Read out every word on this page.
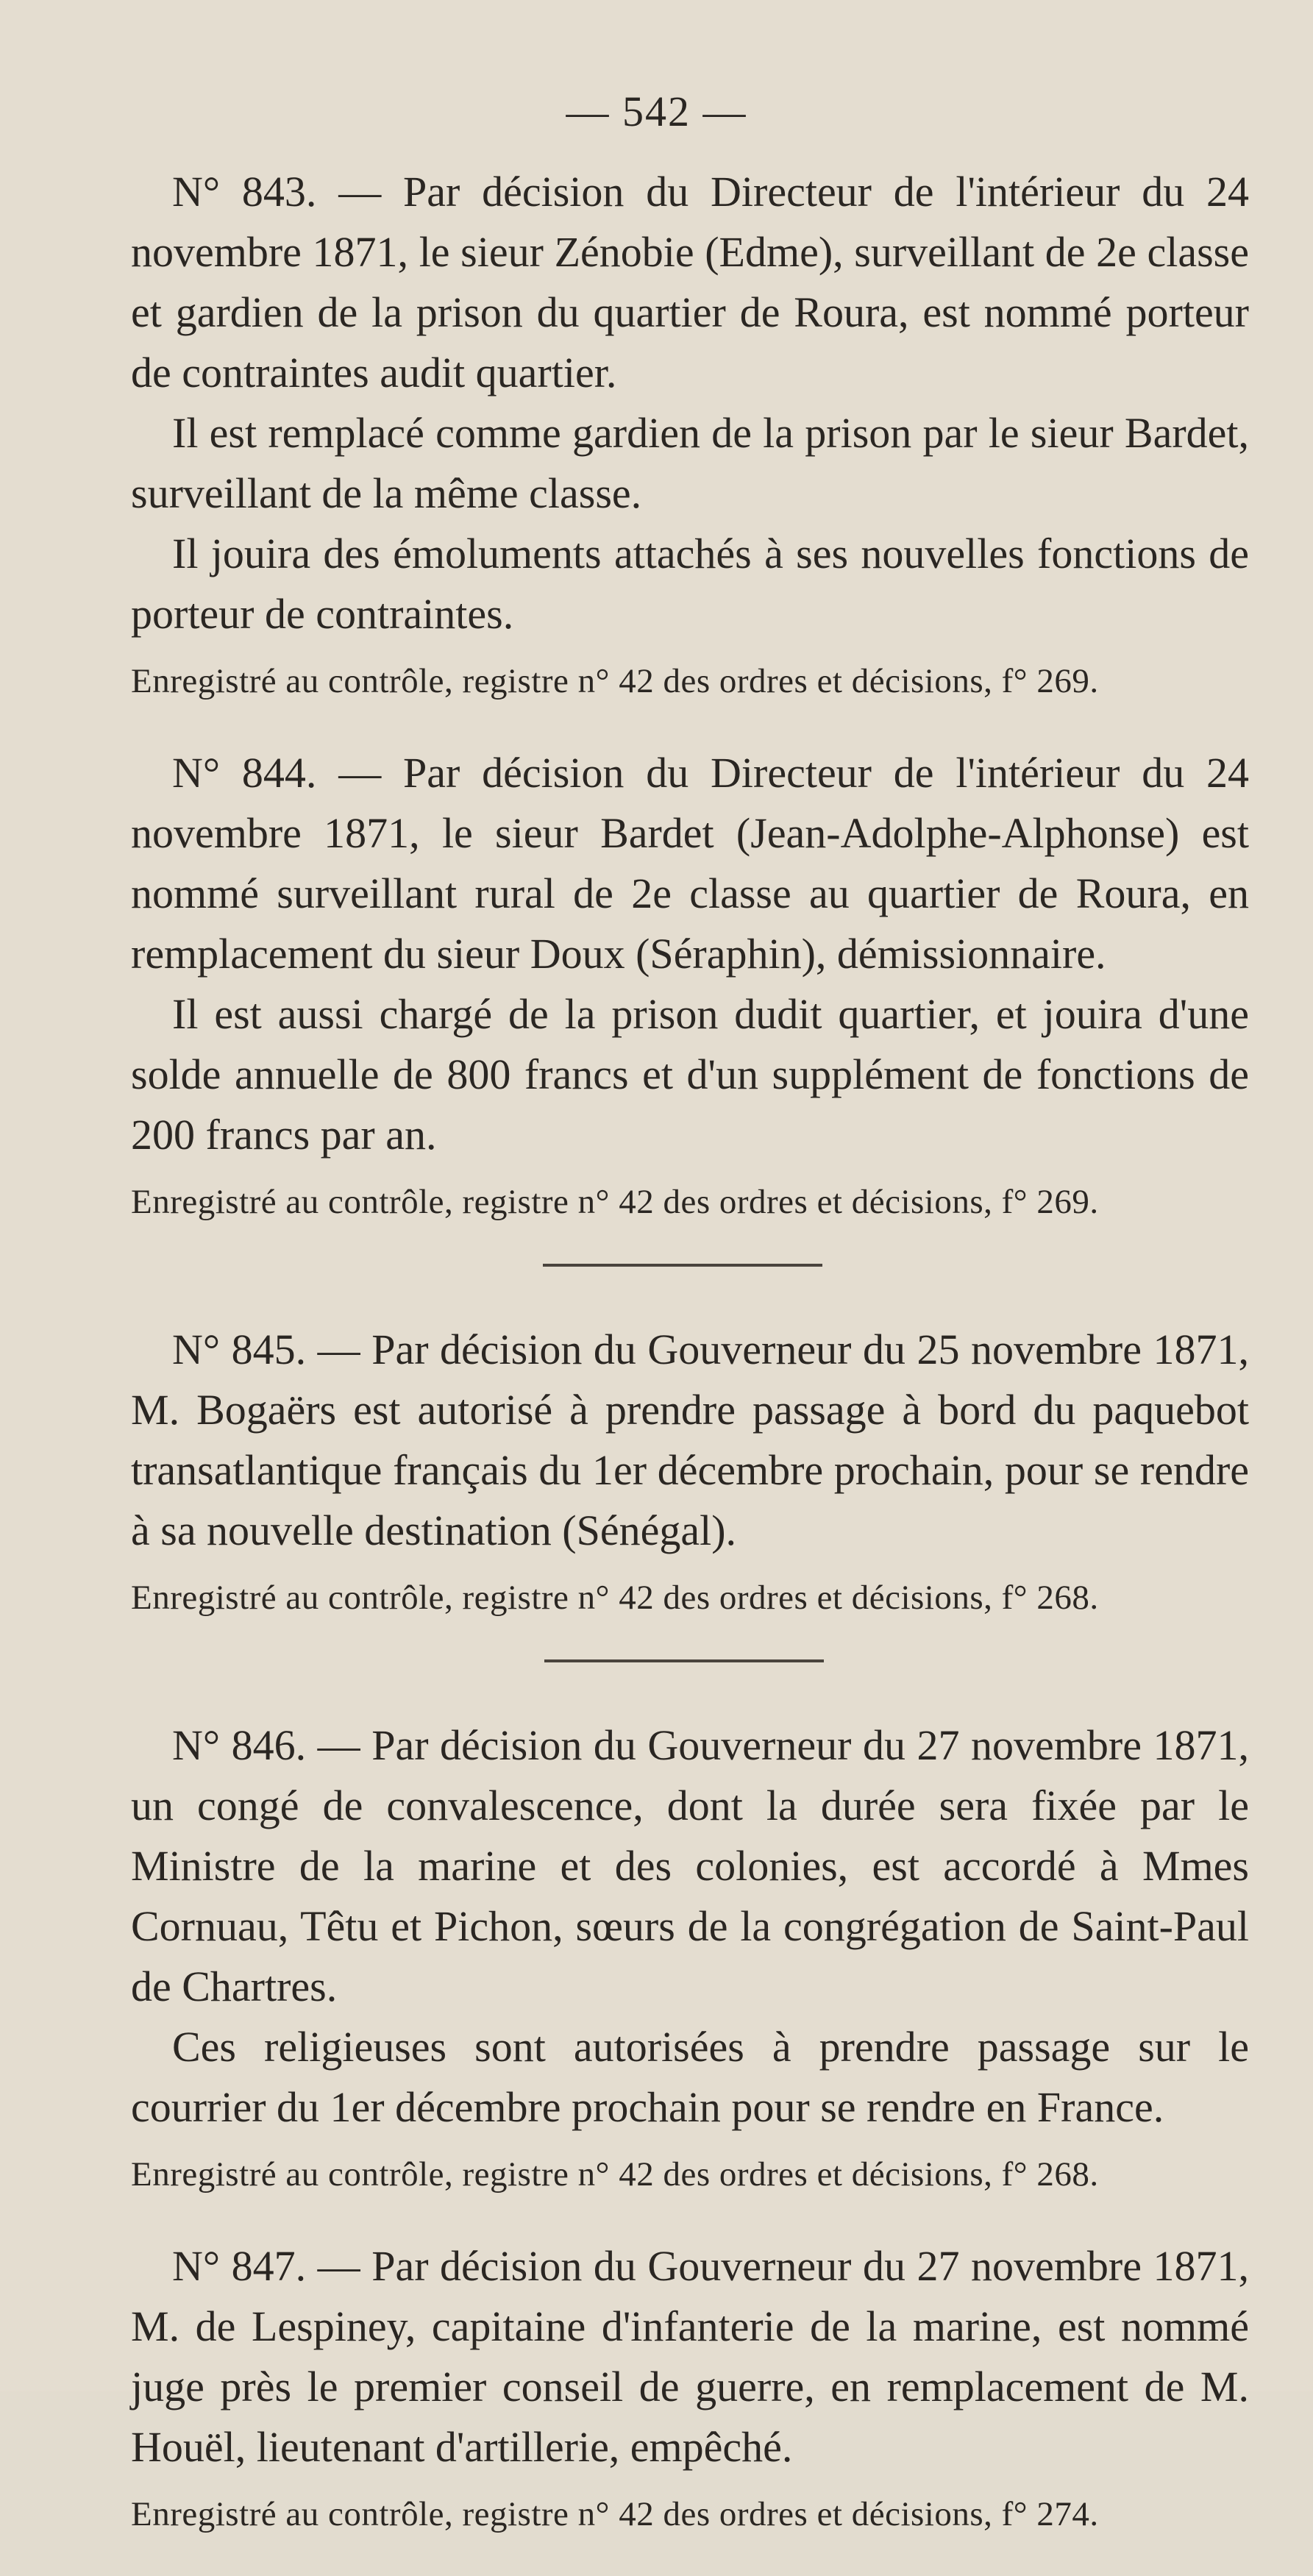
— 542 —

N° 843. — Par décision du Directeur de l'intérieur du 24 novembre 1871, le sieur Zénobie (Edme), surveillant de 2e classe et gardien de la prison du quartier de Roura, est nommé porteur de contraintes audit quartier.

Il est remplacé comme gardien de la prison par le sieur Bardet, surveillant de la même classe.

Il jouira des émoluments attachés à ses nouvelles fonctions de porteur de contraintes.

Enregistré au contrôle, registre n° 42 des ordres et décisions, f° 269.

N° 844. — Par décision du Directeur de l'intérieur du 24 novembre 1871, le sieur Bardet (Jean-Adolphe-Alphonse) est nommé surveillant rural de 2e classe au quartier de Roura, en remplacement du sieur Doux (Séraphin), démissionnaire.

Il est aussi chargé de la prison dudit quartier, et jouira d'une solde annuelle de 800 francs et d'un supplément de fonctions de 200 francs par an.

Enregistré au contrôle, registre n° 42 des ordres et décisions, f° 269.

N° 845. — Par décision du Gouverneur du 25 novembre 1871, M. Bogaërs est autorisé à prendre passage à bord du paquebot transatlantique français du 1er décembre prochain, pour se rendre à sa nouvelle destination (Sénégal).

Enregistré au contrôle, registre n° 42 des ordres et décisions, f° 268.

N° 846. — Par décision du Gouverneur du 27 novembre 1871, un congé de convalescence, dont la durée sera fixée par le Ministre de la marine et des colonies, est accordé à Mmes Cornuau, Têtu et Pichon, sœurs de la congrégation de Saint-Paul de Chartres.

Ces religieuses sont autorisées à prendre passage sur le courrier du 1er décembre prochain pour se rendre en France.

Enregistré au contrôle, registre n° 42 des ordres et décisions, f° 268.

N° 847. — Par décision du Gouverneur du 27 novembre 1871, M. de Lespiney, capitaine d'infanterie de la marine, est nommé juge près le premier conseil de guerre, en remplacement de M. Houël, lieutenant d'artillerie, empêché.

Enregistré au contrôle, registre n° 42 des ordres et décisions, f° 274.
